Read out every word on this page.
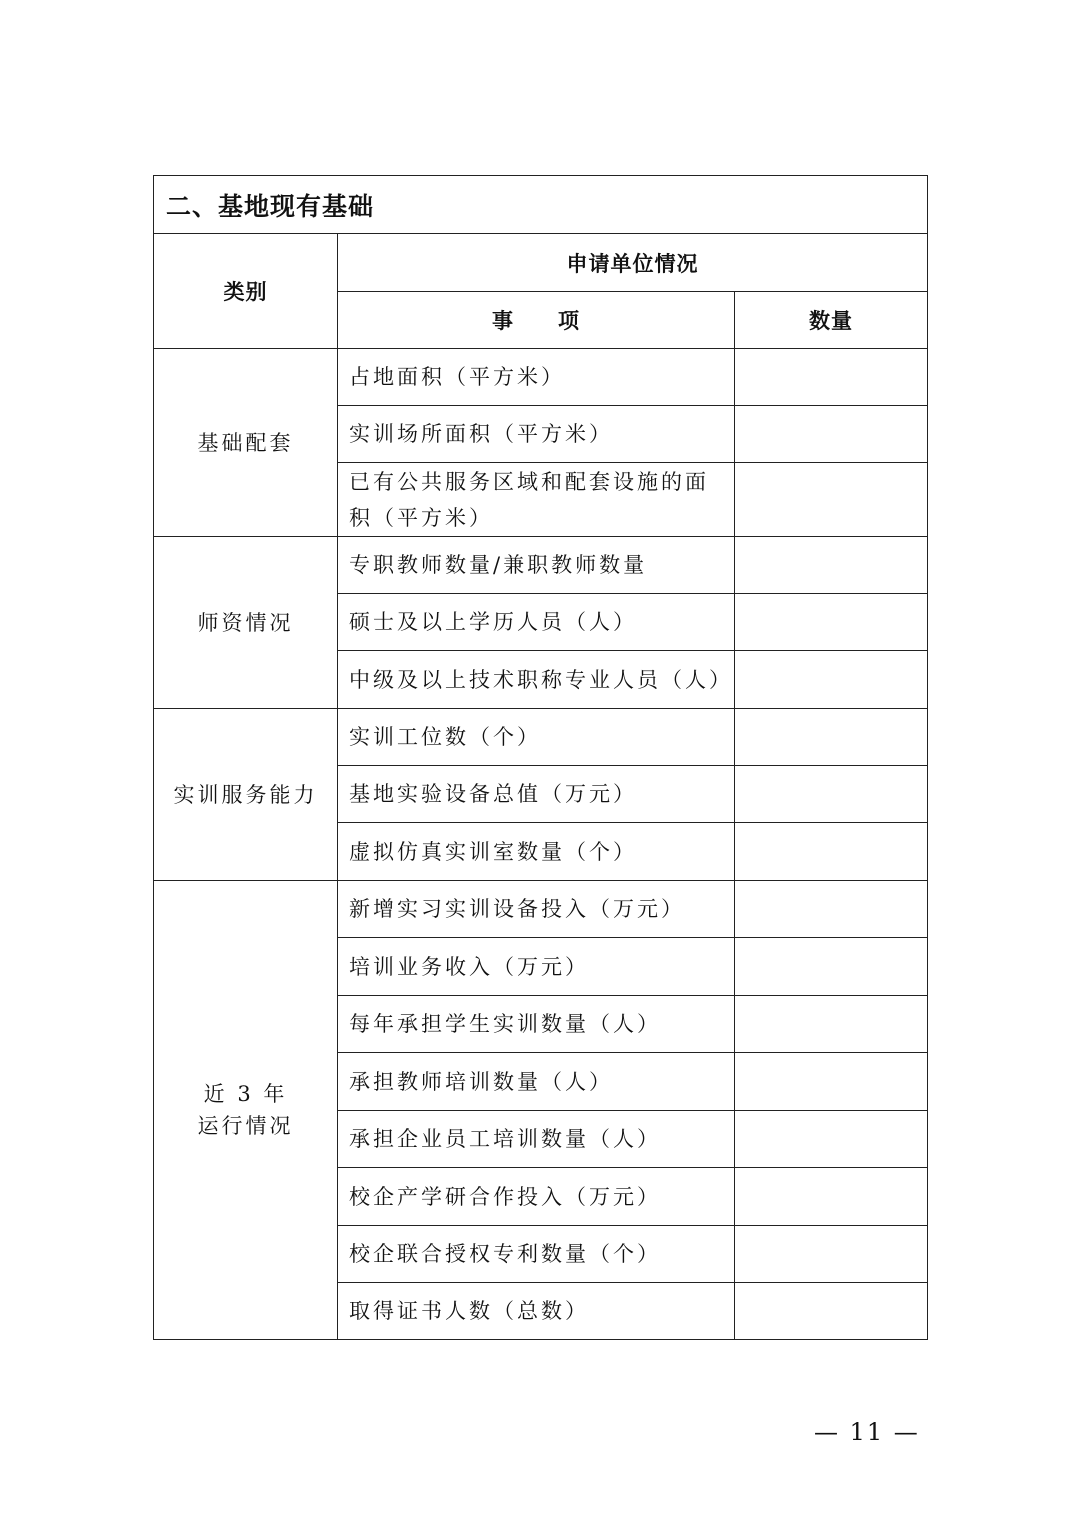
二、基地现有基础		
类别	申请单位情况	
	事　　项	数量
基础配套	占地面积（平方米）	
	实训场所面积（平方米）	
	已有公共服务区域和配套设施的面积（平方米）	
师资情况	专职教师数量/兼职教师数量	
	硕士及以上学历人员（人）	
	中级及以上技术职称专业人员（人）	
实训服务能力	实训工位数（个）	
	基地实验设备总值（万元）	
	虚拟仿真实训室数量（个）	

近 3 年
运行情况	新增实习实训设备投入（万元）	
	培训业务收入（万元）	
	每年承担学生实训数量（人）	
	承担教师培训数量（人）	
	承担企业员工培训数量（人）	
	校企产学研合作投入（万元）	
	校企联合授权专利数量（个）	
	取得证书人数（总数）	
— 11 —
